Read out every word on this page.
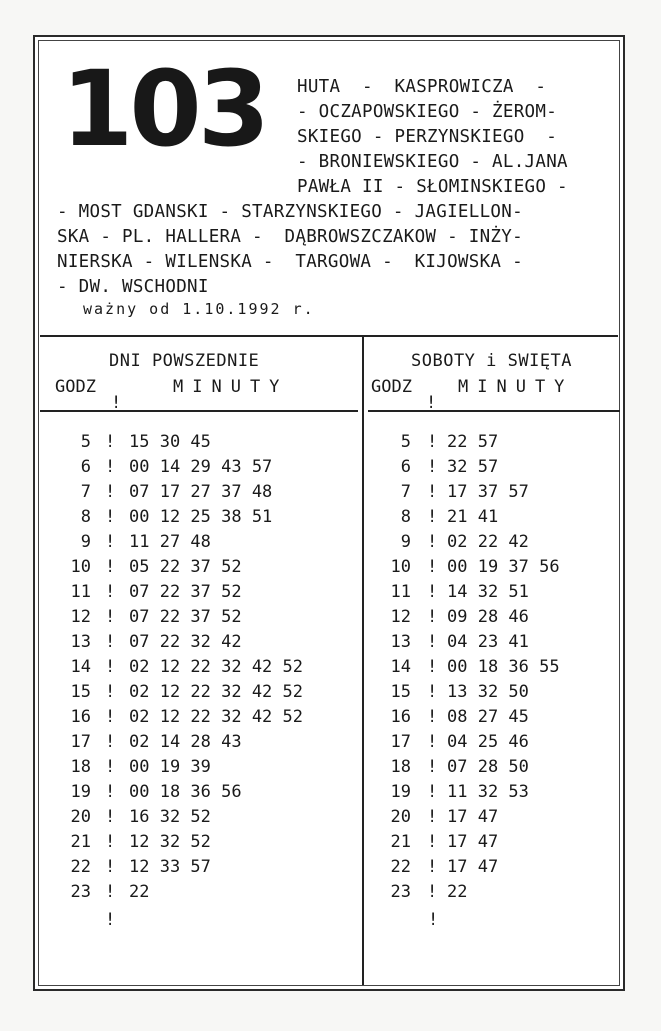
103 HUTA  -  KASPROWICZA  -
- OCZAPOWSKIEGO - ŻEROM-
SKIEGO - PERZYNSKIEGO  -
- BRONIEWSKIEGO - AL.JANA
PAWŁA II - SŁOMINSKIEGO -
- MOST GDANSKI - STARZYNSKIEGO - JAGIELLON-
SKA - PL. HALLERA -  DĄBROWSZCZAKOW - INŻY-
NIERSKA - WILENSKA -  TARGOWA -  KIJOWSKA -
- DW. WSCHODNI
ważny od 1.10.1992 r.
DNI POWSZEDNIE
GODZ	MINUTY
SOBOTY i SWIĘTA
GODZ	MINUTY
!	!
5 ! 15 30 45
6 ! 00 14 29 43 57
7 ! 07 17 27 37 48
8 ! 00 12 25 38 51
9 ! 11 27 48
10 ! 05 22 37 52
11 ! 07 22 37 52
12 ! 07 22 37 52
13 ! 07 22 32 42
14 ! 02 12 22 32 42 52
15 ! 02 12 22 32 42 52
16 ! 02 12 22 32 42 52
17 ! 02 14 28 43
18 ! 00 19 39
19 ! 00 18 36 56
20 ! 16 32 52
21 ! 12 32 52
22 ! 12 33 57
23 ! 22
5 ! 22 57
6 ! 32 57
7 ! 17 37 57
8 ! 21 41
9 ! 02 22 42
10 ! 00 19 37 56
11 ! 14 32 51
12 ! 09 28 46
13 ! 04 23 41
14 ! 00 18 36 55
15 ! 13 32 50
16 ! 08 27 45
17 ! 04 25 46
18 ! 07 28 50
19 ! 11 32 53
20 ! 17 47
21 ! 17 47
22 ! 17 47
23 ! 22
!	!
